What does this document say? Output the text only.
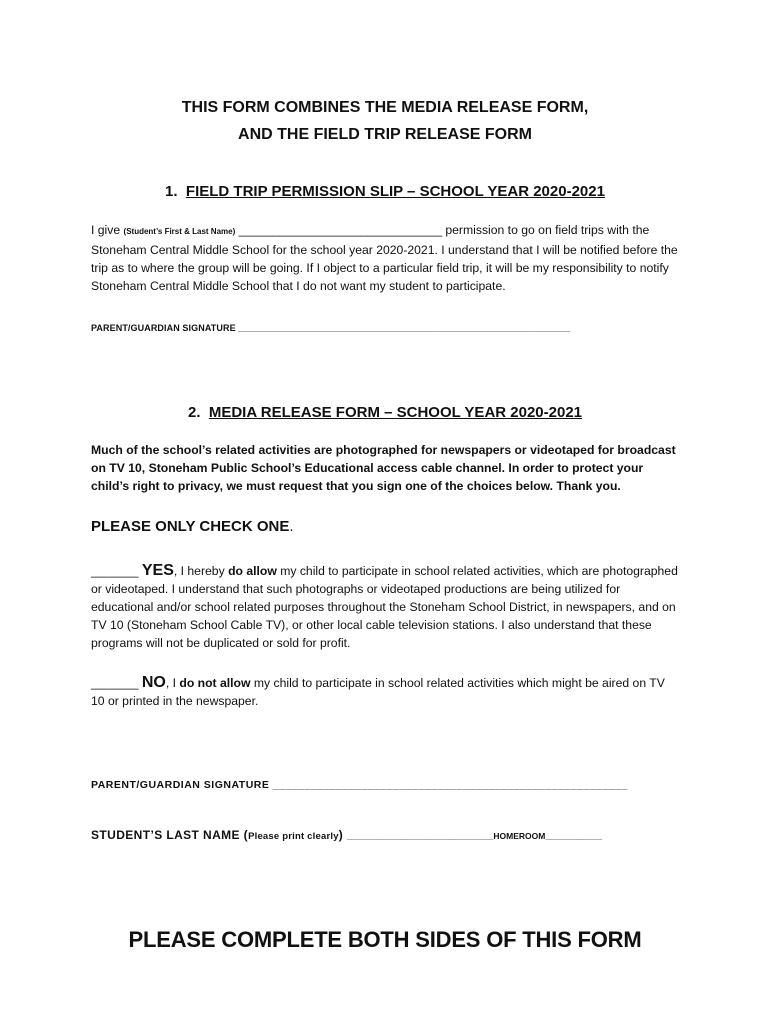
THIS FORM COMBINES THE MEDIA RELEASE FORM,
AND THE FIELD TRIP RELEASE FORM
1. FIELD TRIP PERMISSION SLIP – SCHOOL YEAR 2020-2021
I give (Student’s First & Last Name) ______________________________ permission to go on field trips with the Stoneham Central Middle School for the school year 2020-2021. I understand that I will be notified before the trip as to where the group will be going. If I object to a particular field trip, it will be my responsibility to notify Stoneham Central Middle School that I do not want my student to participate.
PARENT/GUARDIAN SIGNATURE _________________________________________________________________
2. MEDIA RELEASE FORM – SCHOOL YEAR 2020-2021
Much of the school’s related activities are photographed for newspapers or videotaped for broadcast on TV 10, Stoneham Public School’s Educational access cable channel. In order to protect your child’s right to privacy, we must request that you sign one of the choices below. Thank you.
PLEASE ONLY CHECK ONE.
_______ YES, I hereby do allow my child to participate in school related activities, which are photographed or videotaped. I understand that such photographs or videotaped productions are being utilized for educational and/or school related purposes throughout the Stoneham School District, in newspapers, and on TV 10 (Stoneham School Cable TV), or other local cable television stations. I also understand that these programs will not be duplicated or sold for profit.
_______ NO, I do not allow my child to participate in school related activities which might be aired on TV 10 or printed in the newspaper.
PARENT/GUARDIAN SIGNATURE ________________________________________________________
STUDENT’S LAST NAME (Please print clearly) _______________________________HOMEROOM____________
PLEASE COMPLETE BOTH SIDES OF THIS FORM
